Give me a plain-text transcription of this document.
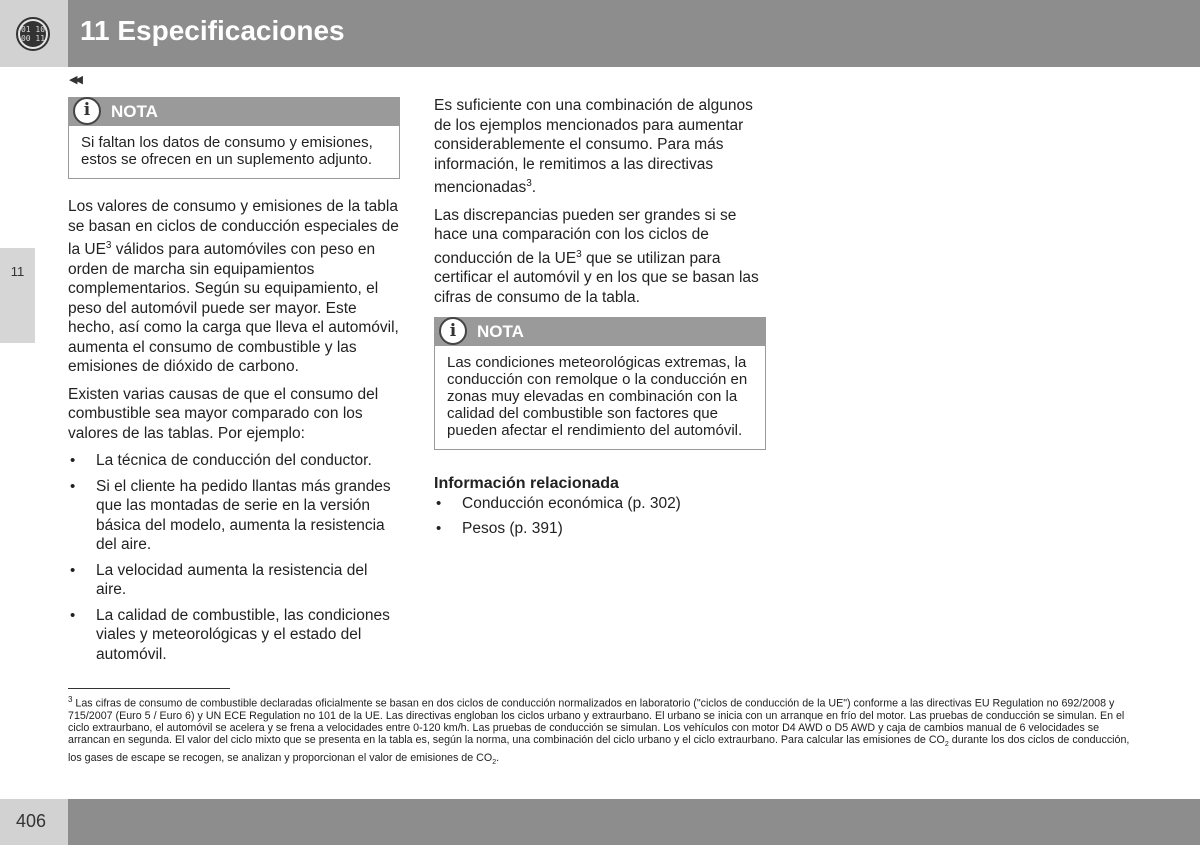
01 10
00 11 11 Especificaciones
11
◀◀
i	NOTA
Si faltan los datos de consumo y emisiones, estos se ofrecen en un suplemento adjunto.

Los valores de consumo y emisiones de la tabla se basan en ciclos de conducción especiales de la $UE^3$ válidos para automóviles con peso en orden de marcha sin equipamientos complementarios. Según su equipamiento, el peso del automóvil puede ser mayor. Este hecho, así como la carga que lleva el automóvil, aumenta el consumo de combustible y las emisiones de dióxido de carbono.

Existen varias causas de que el consumo del combustible sea mayor comparado con los valores de las tablas. Por ejemplo:

• La técnica de conducción del conductor.
• Si el cliente ha pedido llantas más grandes que las montadas de serie en la versión básica del modelo, aumenta la resistencia del aire.
• La velocidad aumenta la resistencia del aire.
• La calidad de combustible, las condiciones viales y meteorológicas y el estado del automóvil.

Es suficiente con una combinación de algunos de los ejemplos mencionados para aumentar considerablemente el consumo. Para más información, le remitimos a las directivas mencionadas$^3$.

Las discrepancias pueden ser grandes si se hace una comparación con los ciclos de conducción de la $UE^3$ que se utilizan para certificar el automóvil y en los que se basan las cifras de consumo de la tabla.

i	NOTA
Las condiciones meteorológicas extremas, la conducción con remolque o la conducción en zonas muy elevadas en combinación con la calidad del combustible son factores que pueden afectar el rendimiento del automóvil.
Información relacionada
• Conducción económica (p. 302)
• Pesos (p. 391)
$^3$ Las cifras de consumo de combustible declaradas oficialmente se basan en dos ciclos de conducción normalizados en laboratorio ("ciclos de conducción de la UE") conforme a las directivas EU Regulation no 692/2008 y 715/2007 (Euro 5 / Euro 6) y UN ECE Regulation no 101 de la UE. Las directivas engloban los ciclos urbano y extraurbano. El urbano se inicia con un arranque en frío del motor. Las pruebas de conducción se simulan. En el ciclo extraurbano, el automóvil se acelera y se frena a velocidades entre 0-120 km/h. Las pruebas de conducción se simulan. Los vehículos con motor D4 AWD o D5 AWD y caja de cambios manual de 6 velocidades se arrancan en segunda. El valor del ciclo mixto que se presenta en la tabla es, según la norma, una combinación del ciclo urbano y el ciclo extraurbano. Para calcular las emisiones de $CO_2$ durante los dos ciclos de conducción, los gases de escape se recogen, se analizan y proporcionan el valor de emisiones de $CO_2$.
406
